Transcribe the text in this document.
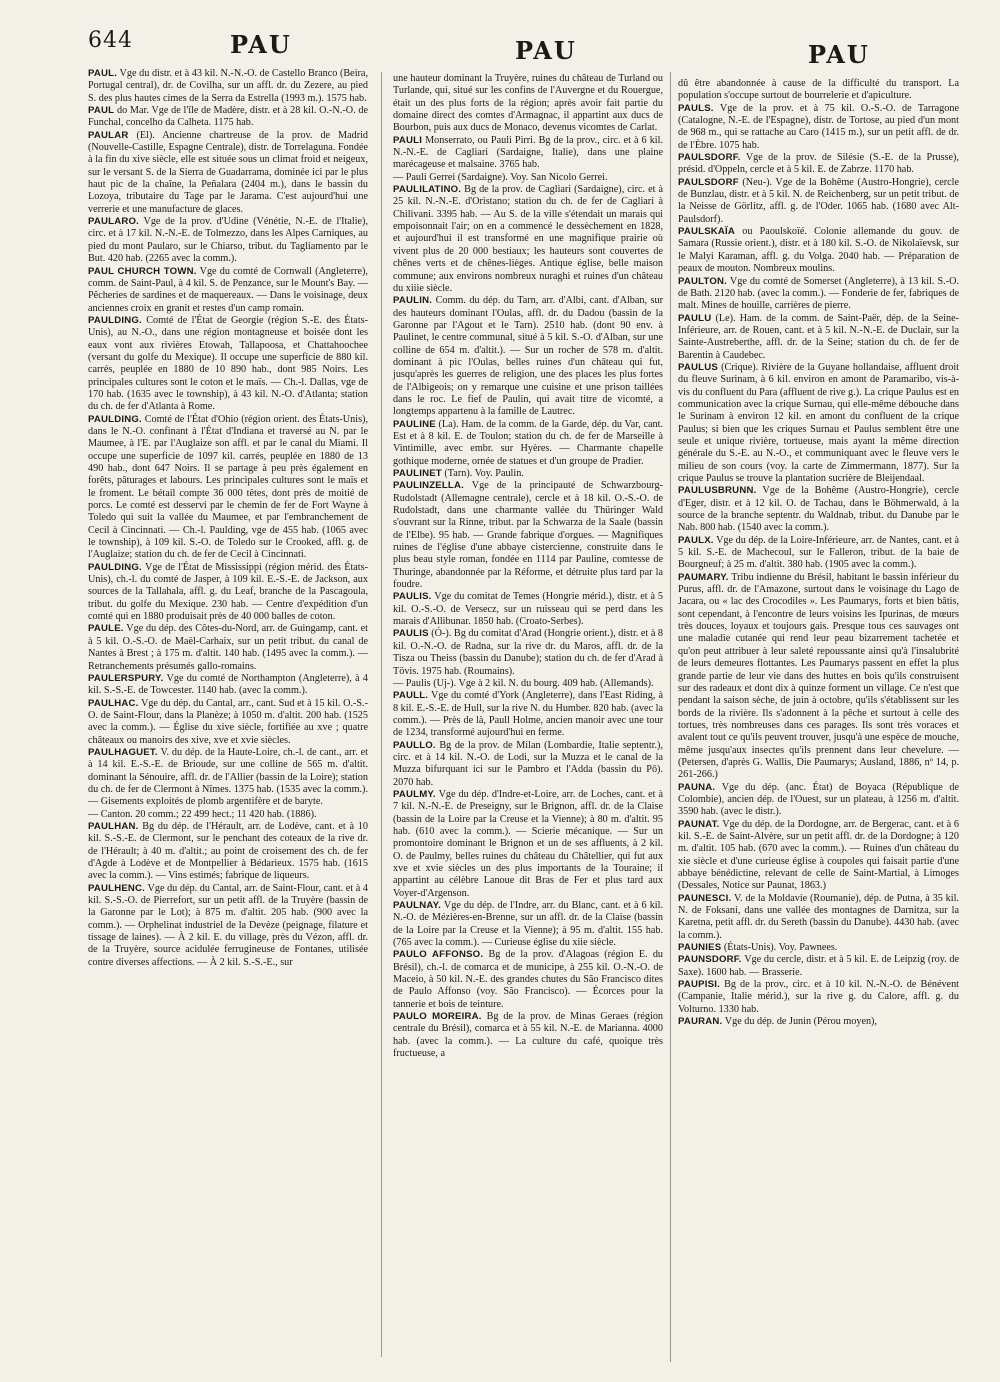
644	PAU	PAU	PAU

PAUL. Vge du distr. et à 43 kil. N.-N.-O. de Castello Branco (Beira, Portugal central), dr. de Covilha, sur un affl. dr. du Zezere, au pied S. des plus hautes cimes de la Serra da Estrella (1993 m.). 1575 hab.

PAUL do Mar. Vge de l'île de Madère, distr. et à 28 kil. O.-N.-O. de Funchal, concelho da Calheta. 1175 hab.

PAULAR (El). Ancienne chartreuse de la prov. de Madrid (Nouvelle-Castille, Espagne Centrale), distr. de Torrelaguna. Fondée à la fin du xive siècle, elle est située sous un climat froid et neigeux, sur le versant S. de la Sierra de Guadarrama, dominée ici par le plus haut pic de la chaîne, la Peñalara (2404 m.), dans le bassin du Lozoya, tributaire du Tage par le Jarama. C'est aujourd'hui une verrerie et une manufacture de glaces.

PAULARO. Vge de la prov. d'Udine (Vénétie, N.-E. de l'Italie), circ. et à 17 kil. N.-N.-E. de Tolmezzo, dans les Alpes Carniques, au pied du mont Paularo, sur le Chiarso, tribut. du Tagliamento par le But. 420 hab. (2265 avec la comm.).

PAUL CHURCH TOWN. Vge du comté de Cornwall (Angleterre), comm. de Saint-Paul, à 4 kil. S. de Penzance, sur le Mount's Bay. — Pêcheries de sardines et de maquereaux. — Dans le voisinage, deux anciennes croix en granit et restes d'un camp romain.

PAULDING. Comté de l'État de Georgie (région S.-E. des États-Unis), au N.-O., dans une région montagneuse et boisée dont les eaux vont aux rivières Etowah, Tallapoosa, et Chattahoochee (versant du golfe du Mexique). Il occupe une superficie de 880 kil. carrés, peuplée en 1880 de 10 890 hab., dont 985 Noirs. Les principales cultures sont le coton et le maïs. — Ch.-l. Dallas, vge de 170 hab. (1635 avec le township), à 43 kil. N.-O. d'Atlanta; station du ch. de fer d'Atlanta à Rome.

PAULDING. Comté de l'État d'Ohio (région orient. des États-Unis), dans le N.-O. confinant à l'État d'Indiana et traversé au N. par le Maumee, à l'E. par l'Auglaize son affl. et par le canal du Miami. Il occupe une superficie de 1097 kil. carrés, peuplée en 1880 de 13 490 hab., dont 647 Noirs. Il se partage à peu près également en forêts, pâturages et labours. Les principales cultures sont le maïs et le froment. Le bétail compte 36 000 têtes, dont près de moitié de porcs. Le comté est desservi par le chemin de fer de Fort Wayne à Toledo qui suit la vallée du Maumee, et par l'embranchement de Cecil à Cincinnati. — Ch.-l. Paulding, vge de 455 hab. (1065 avec le township), à 109 kil. S.-O. de Toledo sur le Crooked, affl. g. de l'Auglaize; station du ch. de fer de Cecil à Cincinnati.

PAULDING. Vge de l'État de Mississippi (région mérid. des États-Unis), ch.-l. du comté de Jasper, à 109 kil. E.-S.-E. de Jackson, aux sources de la Tallahala, affl. g. du Leaf, branche de la Pascagoula, tribut. du golfe du Mexique. 230 hab. — Centre d'expédition d'un comté qui en 1880 produisait près de 40 000 balles de coton.

PAULE. Vge du dép. des Côtes-du-Nord, arr. de Guingamp, cant. et à 5 kil. O.-S.-O. de Maël-Carhaix, sur un petit tribut. du canal de Nantes à Brest ; à 175 m. d'altit. 140 hab. (1495 avec la comm.). — Retranchements présumés gallo-romains.

PAULERSPURY. Vge du comté de Northampton (Angleterre), à 4 kil. S.-S.-E. de Towcester. 1140 hab. (avec la comm.).

PAULHAC. Vge du dép. du Cantal, arr., cant. Sud et à 15 kil. O.-S.-O. de Saint-Flour, dans la Planèze; à 1050 m. d'altit. 200 hab. (1525 avec la comm.). — Église du xive siècle, fortifiée au xve ; quatre châteaux ou manoirs des xive, xve et xvie siècles.

PAULHAGUET. V. du dép. de la Haute-Loire, ch.-l. de cant., arr. et à 14 kil. E.-S.-E. de Brioude, sur une colline de 565 m. d'altit. dominant la Sénouire, affl. dr. de l'Allier (bassin de la Loire); station du ch. de fer de Clermont à Nîmes. 1375 hab. (1535 avec la comm.). — Gisements exploités de plomb argentifère et de baryte.

— Canton. 20 comm.; 22 499 hect.; 11 420 hab. (1886).

PAULHAN. Bg du dép. de l'Hérault, arr. de Lodève, cant. et à 10 kil. S.-S.-E. de Clermont, sur le penchant des coteaux de la rive dr. de l'Hérault; à 40 m. d'altit.; au point de croisement des ch. de fer d'Agde à Lodève et de Montpellier à Bédarieux. 1575 hab. (1615 avec la comm.). — Vins estimés; fabrique de liqueurs.

PAULHENC. Vge du dép. du Cantal, arr. de Saint-Flour, cant. et à 4 kil. S.-S.-O. de Pierrefort, sur un petit affl. de la Truyère (bassin de la Garonne par le Lot); à 875 m. d'altit. 205 hab. (900 avec la comm.). — Orphelinat industriel de la Devèze (peignage, filature et tissage de laines). — À 2 kil. E. du village, près du Vézon, affl. dr. de la Truyère, source acidulée ferrugineuse de Fontanes, utilisée contre diverses affections. — À 2 kil. S.-S.-E., sur

une hauteur dominant la Truyère, ruines du château de Turland ou Turlande, qui, situé sur les confins de l'Auvergne et du Rouergue, était un des plus forts de la région; après avoir fait partie du domaine direct des comtes d'Armagnac, il appartint aux ducs de Bourbon, puis aux ducs de Monaco, devenus vicomtes de Carlat.

PAULI Monserrato, ou Pauli Pirri. Bg de la prov., circ. et à 6 kil. N.-N.-E. de Cagliari (Sardaigne, Italie), dans une plaine marécageuse et malsaine. 3765 hab.

— Pauli Gerrei (Sardaigne). Voy. San Nicolo Gerrei.

PAULILATINO. Bg de la prov. de Cagliari (Sardaigne), circ. et à 25 kil. N.-N.-E. d'Oristano; station du ch. de fer de Cagliari à Chilivani. 3395 hab. — Au S. de la ville s'étendait un marais qui empoisonnait l'air; on en a commencé le dessèchement en 1828, et aujourd'hui il est transformé en une magnifique prairie où vivent plus de 20 000 bestiaux; les hauteurs sont couvertes de chênes verts et de chênes-lièges. Antique église, belle maison commune; aux environs nombreux nuraghi et ruines d'un château du xiiie siècle.

PAULIN. Comm. du dép. du Tarn, arr. d'Albi, cant. d'Alban, sur des hauteurs dominant l'Oulas, affl. dr. du Dadou (bassin de la Garonne par l'Agout et le Tarn). 2510 hab. (dont 90 env. à Paulinet, le centre communal, situé à 5 kil. S.-O. d'Alban, sur une colline de 654 m. d'altit.). — Sur un rocher de 578 m. d'altit. dominant à pic l'Oulas, belles ruines d'un château qui fut, jusqu'après les guerres de religion, une des places les plus fortes de l'Albigeois; on y remarque une cuisine et une prison taillées dans le roc. Le fief de Paulin, qui avait titre de vicomté, a longtemps appartenu à la famille de Lautrec.

PAULINE (La). Ham. de la comm. de la Garde, dép. du Var, cant. Est et à 8 kil. E. de Toulon; station du ch. de fer de Marseille à Vintimille, avec embr. sur Hyères. — Charmante chapelle gothique moderne, ornée de statues et d'un groupe de Pradier.

PAULINET (Tarn). Voy. Paulin.

PAULINZELLA. Vge de la principauté de Schwarzbourg-Rudolstadt (Allemagne centrale), cercle et à 18 kil. O.-S.-O. de Rudolstadt, dans une charmante vallée du Thüringer Wald s'ouvrant sur la Rinne, tribut. par la Schwarza de la Saale (bassin de l'Elbe). 95 hab. — Grande fabrique d'orgues. — Magnifiques ruines de l'église d'une abbaye cistercienne, construite dans le plus beau style roman, fondée en 1114 par Pauline, comtesse de Thuringe, abandonnée par la Réforme, et détruite plus tard par la foudre.

PAULIS. Vge du comitat de Temes (Hongrie mérid.), distr. et à 5 kil. O.-S.-O. de Versecz, sur un ruisseau qui se perd dans les marais d'Allibunar. 1850 hab. (Croato-Serbes).

PAULIS (Ó-). Bg du comitat d'Arad (Hongrie orient.), distr. et à 8 kil. O.-N.-O. de Radna, sur la rive dr. du Maros, affl. dr. de la Tisza ou Theiss (bassin du Danube); station du ch. de fer d'Arad à Tövis. 1975 hab. (Roumains).

— Paulis (Uj-). Vge à 2 kil. N. du bourg. 409 hab. (Allemands).

PAULL. Vge du comté d'York (Angleterre), dans l'East Riding, à 8 kil. E.-S.-E. de Hull, sur la rive N. du Humber. 820 hab. (avec la comm.). — Près de là, Paull Holme, ancien manoir avec une tour de 1234, transformé aujourd'hui en ferme.

PAULLO. Bg de la prov. de Milan (Lombardie, Italie septentr.), circ. et à 14 kil. N.-O. de Lodi, sur la Muzza et le canal de la Muzza bifurquant ici sur le Pambro et l'Adda (bassin du Pô). 2070 hab.

PAULMY. Vge du dép. d'Indre-et-Loire, arr. de Loches, cant. et à 7 kil. N.-N.-E. de Preseigny, sur le Brignon, affl. dr. de la Claise (bassin de la Loire par la Creuse et la Vienne); à 80 m. d'altit. 95 hab. (610 avec la comm.). — Scierie mécanique. — Sur un promontoire dominant le Brignon et un de ses affluents, à 2 kil. O. de Paulmy, belles ruines du château du Châtellier, qui fut aux xve et xvie siècles un des plus importants de la Touraine; il appartint au célèbre Lanoue dit Bras de Fer et plus tard aux Voyer-d'Argenson.

PAULNAY. Vge du dép. de l'Indre, arr. du Blanc, cant. et à 6 kil. N.-O. de Mézières-en-Brenne, sur un affl. dr. de la Claise (bassin de la Loire par la Creuse et la Vienne); à 95 m. d'altit. 155 hab. (765 avec la comm.). — Curieuse église du xiie siècle.

PAULO AFFONSO. Bg de la prov. d'Alagoas (région E. du Brésil), ch.-l. de comarca et de municipe, à 255 kil. O.-N.-O. de Maceio, à 50 kil. N.-E. des grandes chutes du São Francisco dites de Paulo Affonso (voy. São Francisco). — Écorces pour la tannerie et bois de teinture.

PAULO MOREIRA. Bg de la prov. de Minas Geraes (région centrale du Brésil), comarca et à 55 kil. N.-E. de Marianna. 4000 hab. (avec la comm.). — La culture du café, quoique très fructueuse, a

dû être abandonnée à cause de la difficulté du transport. La population s'occupe surtout de bourrelerie et d'apiculture.

PAULS. Vge de la prov. et à 75 kil. O.-S.-O. de Tarragone (Catalogne, N.-E. de l'Espagne), distr. de Tortose, au pied d'un mont de 968 m., qui se rattache au Caro (1415 m.), sur un petit affl. de dr. de l'Èbre. 1075 hab.

PAULSDORF. Vge de la prov. de Silésie (S.-E. de la Prusse), présid. d'Oppeln, cercle et à 5 kil. E. de Zabrze. 1170 hab.

PAULSDORF (Neu-). Vge de la Bohême (Austro-Hongrie), cercle de Bunzlau, distr. et à 5 kil. N. de Reichenberg, sur un petit tribut. de la Neisse de Görlitz, affl. g. de l'Oder. 1065 hab. (1680 avec Alt-Paulsdorf).

PAULSKAÏA ou Paoulskoïé. Colonie allemande du gouv. de Samara (Russie orient.), distr. et à 180 kil. S.-O. de Nikolaïevsk, sur le Malyi Karaman, affl. g. du Volga. 2040 hab. — Préparation de peaux de mouton. Nombreux moulins.

PAULTON. Vge du comté de Somerset (Angleterre), à 13 kil. S.-O. de Bath. 2120 hab. (avec la comm.). — Fonderie de fer, fabriques de malt. Mines de houille, carrières de pierre.

PAULU (Le). Ham. de la comm. de Saint-Paër, dép. de la Seine-Inférieure, arr. de Rouen, cant. et à 5 kil. N.-N.-E. de Duclair, sur la Sainte-Austreberthe, affl. dr. de la Seine; station du ch. de fer de Barentin à Caudebec.

PAULUS (Crique). Rivière de la Guyane hollandaise, affluent droit du fleuve Surinam, à 6 kil. environ en amont de Paramaribo, vis-à-vis du confluent du Para (affluent de rive g.). La crique Paulus est en communication avec la crique Surnau, qui elle-même débouche dans le Surinam à environ 12 kil. en amont du confluent de la crique Paulus; si bien que les criques Surnau et Paulus semblent être une seule et unique rivière, tortueuse, mais ayant la même direction générale du S.-E. au N.-O., et communiquant avec le fleuve vers le milieu de son cours (voy. la carte de Zimmermann, 1877). Sur la crique Paulus se trouve la plantation sucrière de Bleijendaal.

PAULUSBRUNN. Vge de la Bohême (Austro-Hongrie), cercle d'Eger, distr. et à 12 kil. O. de Tachau, dans le Böhmerwald, à la source de la branche septentr. du Waldnab, tribut. du Danube par le Nab. 800 hab. (1540 avec la comm.).

PAULX. Vge du dép. de la Loire-Inférieure, arr. de Nantes, cant. et à 5 kil. S.-E. de Machecoul, sur le Falleron, tribut. de la baie de Bourgneuf; à 25 m. d'altit. 380 hab. (1905 avec la comm.).

PAUMARY. Tribu indienne du Brésil, habitant le bassin inférieur du Purus, affl. dr. de l'Amazone, surtout dans le voisinage du Lago de Jacara, ou « lac des Crocodiles ». Les Paumarys, forts et bien bâtis, sont cependant, à l'encontre de leurs voisins les Ipurinas, de mœurs très douces, loyaux et toujours gais. Presque tous ces sauvages ont une maladie cutanée qui rend leur peau bizarrement tachetée et qu'on peut attribuer à leur saleté repoussante ainsi qu'à l'insalubrité de leurs demeures flottantes. Les Paumarys passent en effet la plus grande partie de leur vie dans des huttes en bois qu'ils construisent sur des radeaux et dont dix à quinze forment un village. Ce n'est que pendant la saison sèche, de juin à octobre, qu'ils s'établissent sur les bords de la rivière. Ils s'adonnent à la pêche et surtout à celle des tortues, très nombreuses dans ces parages. Ils sont très voraces et avalent tout ce qu'ils peuvent trouver, jusqu'à une espèce de mouche, même jusqu'aux insectes qu'ils prennent dans leur chevelure. — (Petersen, d'après G. Wallis, Die Paumarys; Ausland, 1886, nº 14, p. 261-266.)

PAUNA. Vge du dép. (anc. État) de Boyaca (République de Colombie), ancien dép. de l'Ouest, sur un plateau, à 1256 m. d'altit. 3590 hab. (avec le distr.).

PAUNAT. Vge du dép. de la Dordogne, arr. de Bergerac, cant. et à 6 kil. S.-E. de Saint-Alvère, sur un petit affl. dr. de la Dordogne; à 120 m. d'altit. 105 hab. (670 avec la comm.). — Ruines d'un château du xie siècle et d'une curieuse église à coupoles qui faisait partie d'une abbaye bénédictine, relevant de celle de Saint-Martial, à Limoges (Dessales, Notice sur Paunat, 1863.)

PAUNESCI. V. de la Moldavie (Roumanie), dép. de Putna, à 35 kil. N. de Foksani, dans une vallée des montagnes de Darnitza, sur la Karetna, petit affl. dr. du Sereth (bassin du Danube). 4430 hab. (avec la comm.).

PAUNIES (États-Unis). Voy. Pawnees.

PAUNSDORF. Vge du cercle, distr. et à 5 kil. E. de Leipzig (roy. de Saxe). 1600 hab. — Brasserie.

PAUPISI. Bg de la prov., circ. et à 10 kil. N.-N.-O. de Bénévent (Campanie, Italie mérid.), sur la rive g. du Calore, affl. g. du Volturno. 1330 hab.

PAURAN. Vge du dép. de Junin (Pérou moyen),
